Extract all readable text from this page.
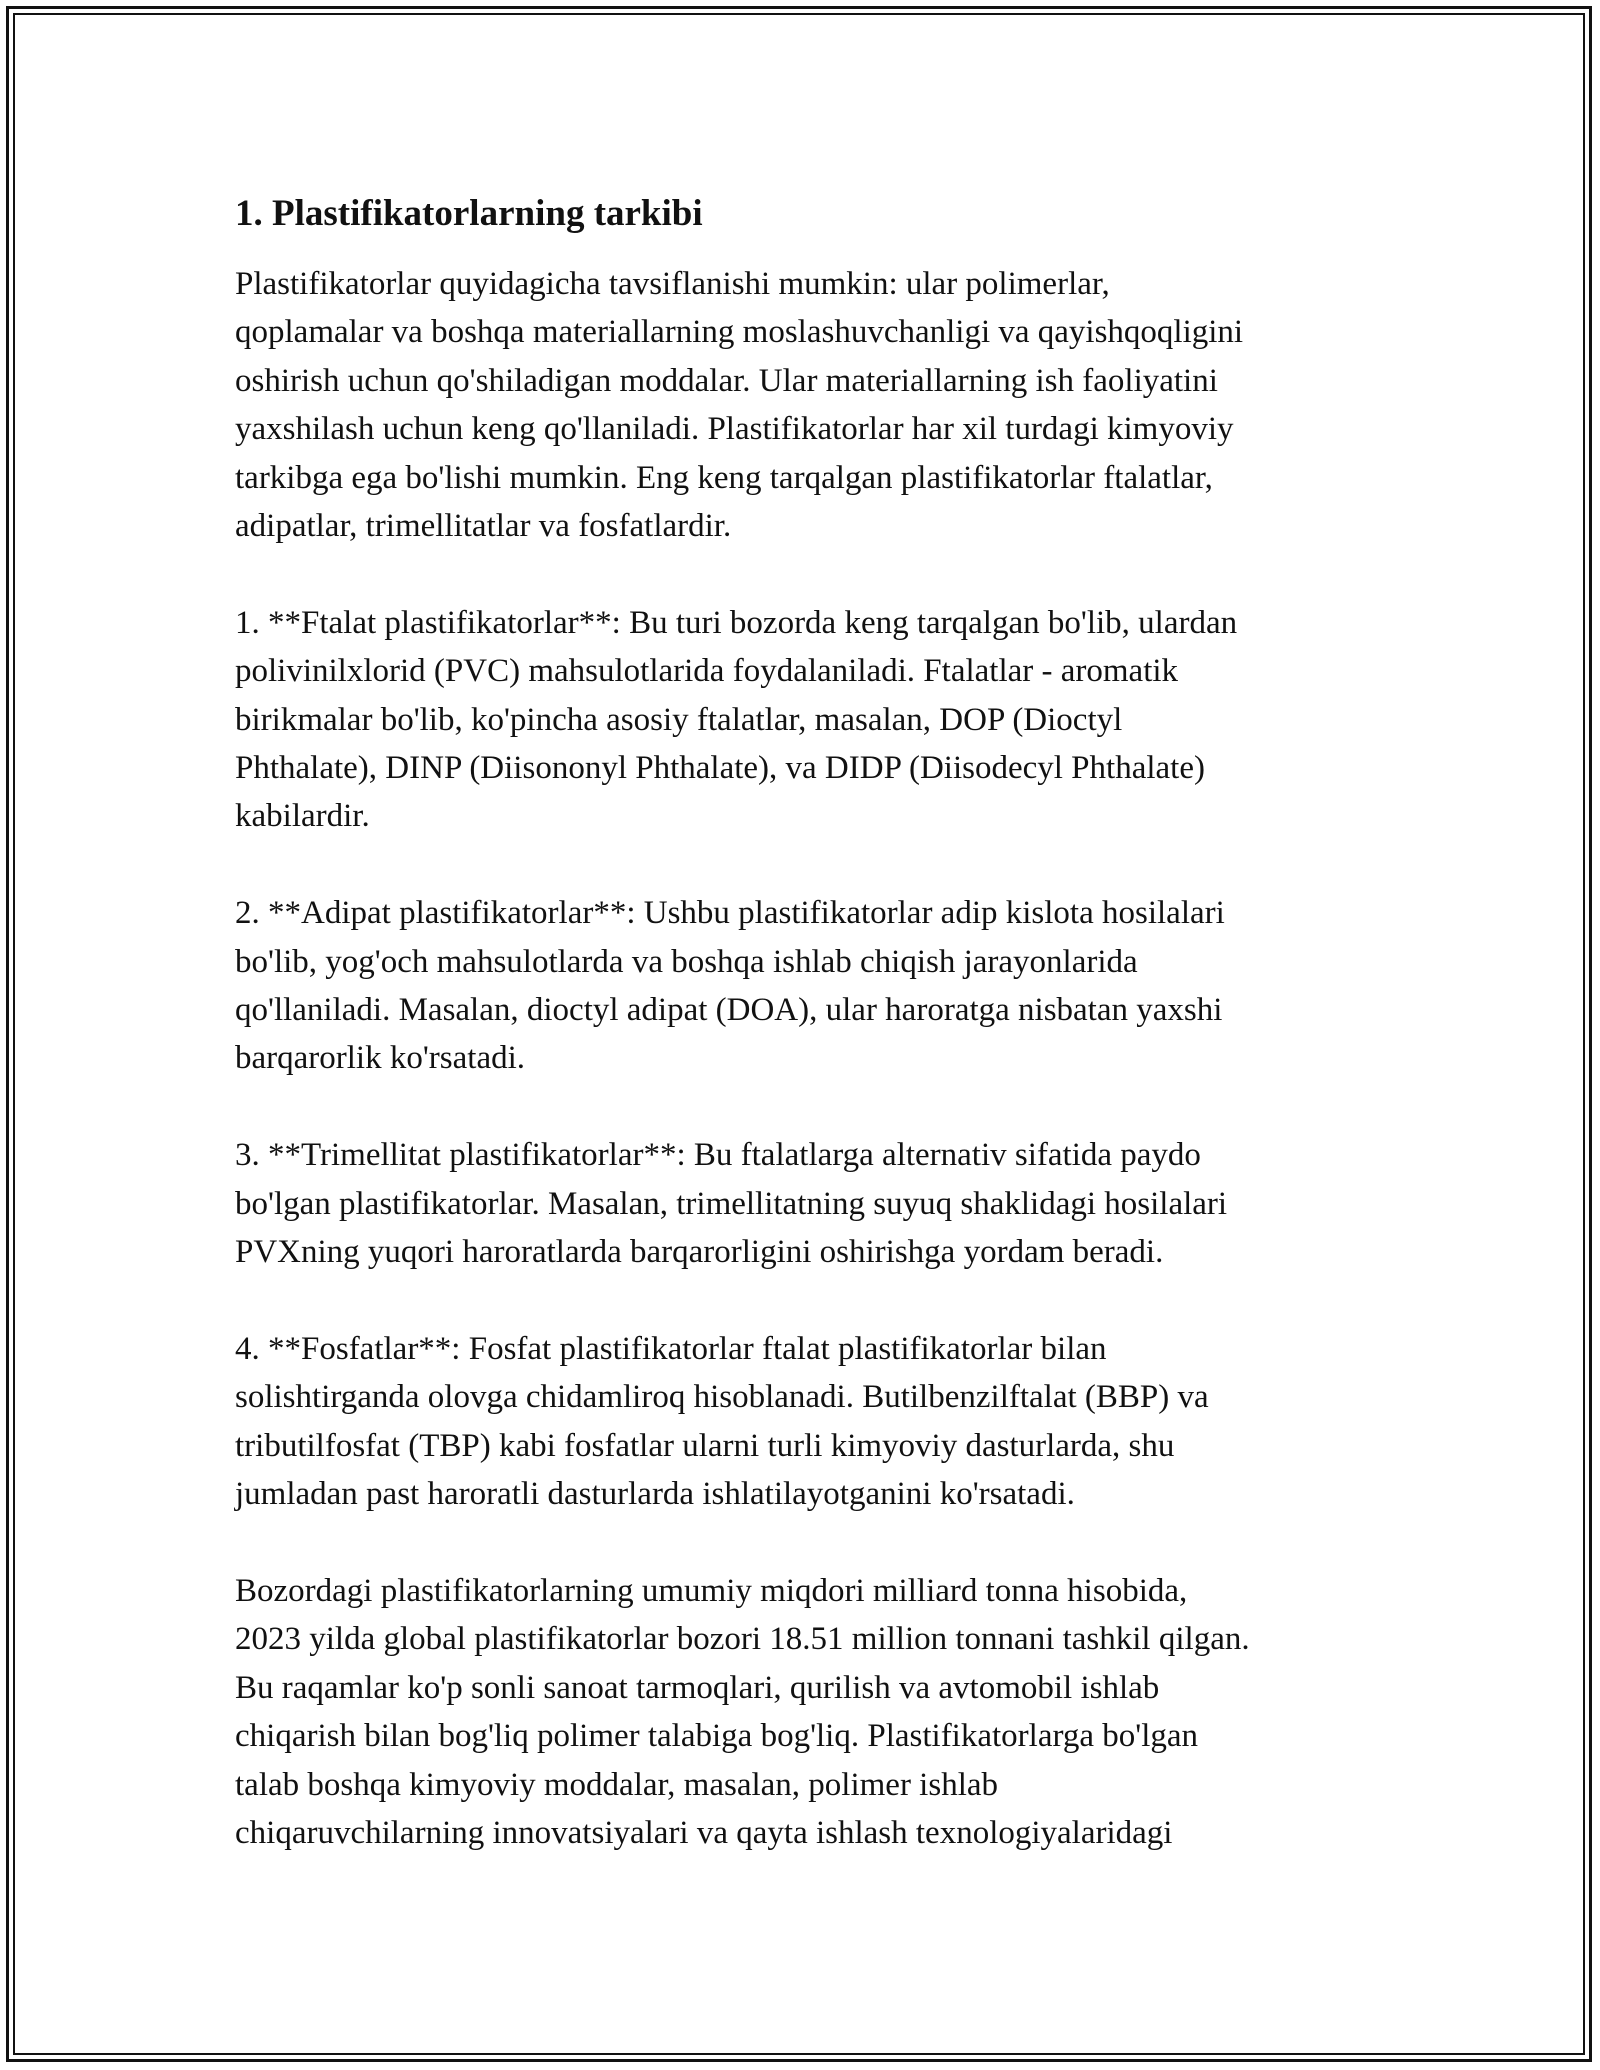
1. Plastifikatorlarning tarkibi

Plastifikatorlar quyidagicha tavsiflanishi mumkin: ular polimerlar,
qoplamalar va boshqa materiallarning moslashuvchanligi va qayishqoqligini
oshirish uchun qo'shiladigan moddalar. Ular materiallarning ish faoliyatini
yaxshilash uchun keng qo'llaniladi. Plastifikatorlar har xil turdagi kimyoviy
tarkibga ega bo'lishi mumkin. Eng keng tarqalgan plastifikatorlar ftalatlar,
adipatlar, trimellitatlar va fosfatlardir.

1. **Ftalat plastifikatorlar**: Bu turi bozorda keng tarqalgan bo'lib, ulardan
polivinilxlorid (PVC) mahsulotlarida foydalaniladi. Ftalatlar - aromatik
birikmalar bo'lib, ko'pincha asosiy ftalatlar, masalan, DOP (Dioctyl
Phthalate), DINP (Diisononyl Phthalate), va DIDP (Diisodecyl Phthalate)
kabilardir.

2. **Adipat plastifikatorlar**: Ushbu plastifikatorlar adip kislota hosilalari
bo'lib, yog'och mahsulotlarda va boshqa ishlab chiqish jarayonlarida
qo'llaniladi. Masalan, dioctyl adipat (DOA), ular haroratga nisbatan yaxshi
barqarorlik ko'rsatadi.

3. **Trimellitat plastifikatorlar**: Bu ftalatlarga alternativ sifatida paydo
bo'lgan plastifikatorlar. Masalan, trimellitatning suyuq shaklidagi hosilalari
PVXning yuqori haroratlarda barqarorligini oshirishga yordam beradi.

4. **Fosfatlar**: Fosfat plastifikatorlar ftalat plastifikatorlar bilan
solishtirganda olovga chidamliroq hisoblanadi. Butilbenzilftalat (BBP) va
tributilfosfat (TBP) kabi fosfatlar ularni turli kimyoviy dasturlarda, shu
jumladan past haroratli dasturlarda ishlatilayotganini ko'rsatadi.

Bozordagi plastifikatorlarning umumiy miqdori milliard tonna hisobida,
2023 yilda global plastifikatorlar bozori 18.51 million tonnani tashkil qilgan.
Bu raqamlar ko'p sonli sanoat tarmoqlari, qurilish va avtomobil ishlab
chiqarish bilan bog'liq polimer talabiga bog'liq. Plastifikatorlarga bo'lgan
talab boshqa kimyoviy moddalar, masalan, polimer ishlab
chiqaruvchilarning innovatsiyalari va qayta ishlash texnologiyalaridagi
